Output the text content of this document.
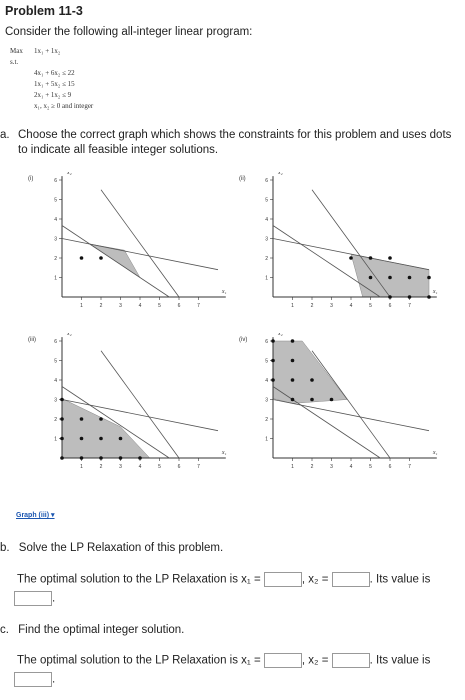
Problem 11-3
Consider the following all-integer linear program:
Max 1x₁ + 1x₂
s.t.
4x₁ + 6x₂ ≤ 22
1x₁ + 5x₂ ≤ 15
2x₁ + 1x₂ ≤ 9
x₁, x₂ ≥ 0 and integer
a. Choose the correct graph which shows the constraints for this problem and uses dots to indicate all feasible integer solutions.
(i)
1	2	3	4	5	6	7
1
2
3
4
5
6
x₁
x₂
(ii)
1	2	3	4	5	6	7
1
2
3
4
5
6
x₁
x₂
(iii)
1	2	3	4	5	6	7
1
2
3
4
5
6
x₁
x₂
(iv)
1	2	3	4	5	6	7
1
2
3
4
5
6
x₁
x₂
Graph (iii) ▾
b. Solve the LP Relaxation of this problem.
The optimal solution to the LP Relaxation is x₁ =	, x₂ =	. Its value is
.
c. Find the optimal integer solution.
The optimal solution to the LP Relaxation is x₁ =	, x₂ =	. Its value is
.
